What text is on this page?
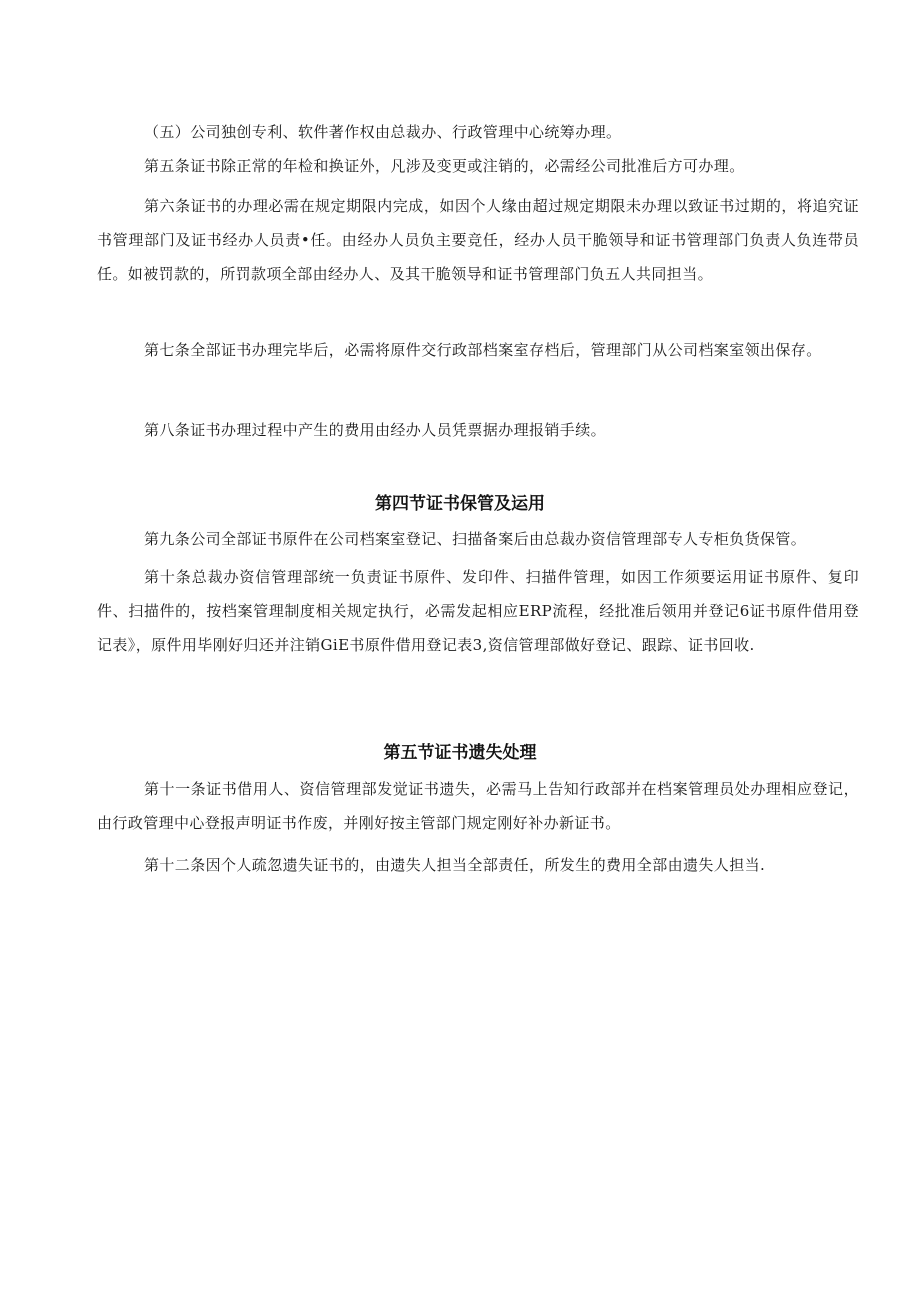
（五）公司独创专利、软件著作权由总裁办、行政管理中心统筹办理。

第五条证书除正常的年检和换证外，凡涉及变更或注销的，必需经公司批准后方可办理。

第六条证书的办理必需在规定期限内完成，如因个人缘由超过规定期限未办理以致证书过期的，将追究证书管理部门及证书经办人员责•任。由经办人员负主要竞任，经办人员干脆领导和证书管理部门负责人负连带员任。如被罚款的，所罚款项全部由经办人、及其干脆领导和证书管理部门负五人共同担当。

第七条全部证书办理完毕后，必需将原件交行政部档案室存档后，管理部门从公司档案室领出保存。

第八条证书办理过程中产生的费用由经办人员凭票据办理报销手续。

第四节证书保管及运用

第九条公司全部证书原件在公司档案室登记、扫描备案后由总裁办资信管理部专人专柜负货保管。

第十条总裁办资信管理部统一负责证书原件、发印件、扫描件管理，如因工作须要运用证书原件、复印件、扫描件的，按档案管理制度相关规定执行，必需发起相应ERP流程，经批准后领用并登记6证书原件借用登记表》，原件用毕刚好归还并注销GiE书原件借用登记表3,资信管理部做好登记、跟踪、证书回收.

第五节证书遗失处理

第十一条证书借用人、资信管理部发觉证书遗失，必需马上告知行政部并在档案管理员处办理相应登记，由行政管理中心登报声明证书作废，并刚好按主管部门规定刚好补办新证书。

第十二条因个人疏忽遗失证书的，由遗失人担当全部责任，所发生的费用全部由遗失人担当.
